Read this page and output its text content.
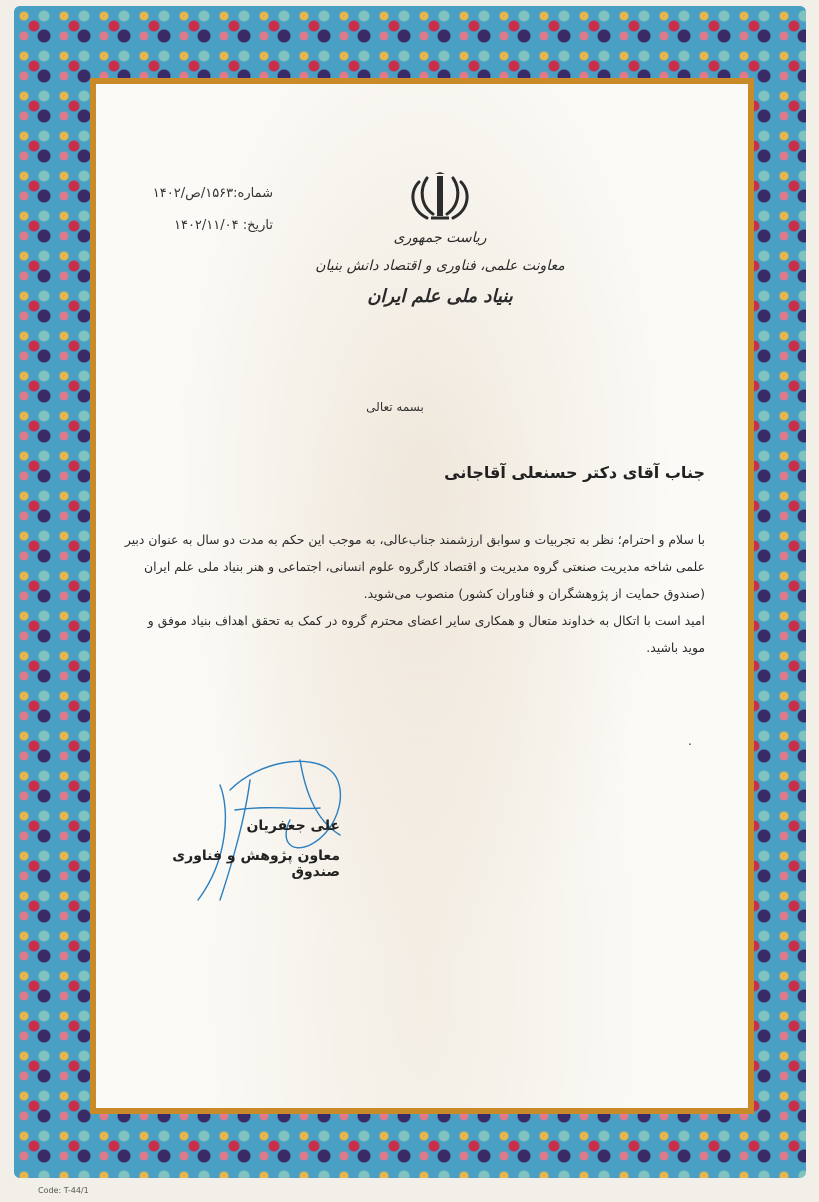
ریاست جمهوری
معاونت علمی، فناوری و اقتصاد دانش بنیان
بنیاد ملی علم ایران
شماره:۱۵۶۳/ص/۱۴۰۲
تاریخ: ۱۴۰۲/۱۱/۰۴
بسمه تعالی
جناب آقای دکتر حسنعلی آقاجانی

با سلام و احترام؛ نظر به تجربیات و سوابق ارزشمند جناب‌عالی، به موجب این حکم به مدت دو سال به عنوان دبیر علمی شاخه مدیریت صنعتی گروه مدیریت و اقتصاد کارگروه علوم انسانی، اجتماعی و هنر بنیاد ملی علم ایران (صندوق حمایت از پژوهشگران و فناوران کشور) منصوب می‌شوید.

امید است با اتکال به خداوند متعال و همکاری سایر اعضای محترم گروه در کمک به تحقق اهداف بنیاد موفق و موید باشید.

.
علی جعفریان
معاون پژوهش و فناوری صندوق
Code: T-44/1
